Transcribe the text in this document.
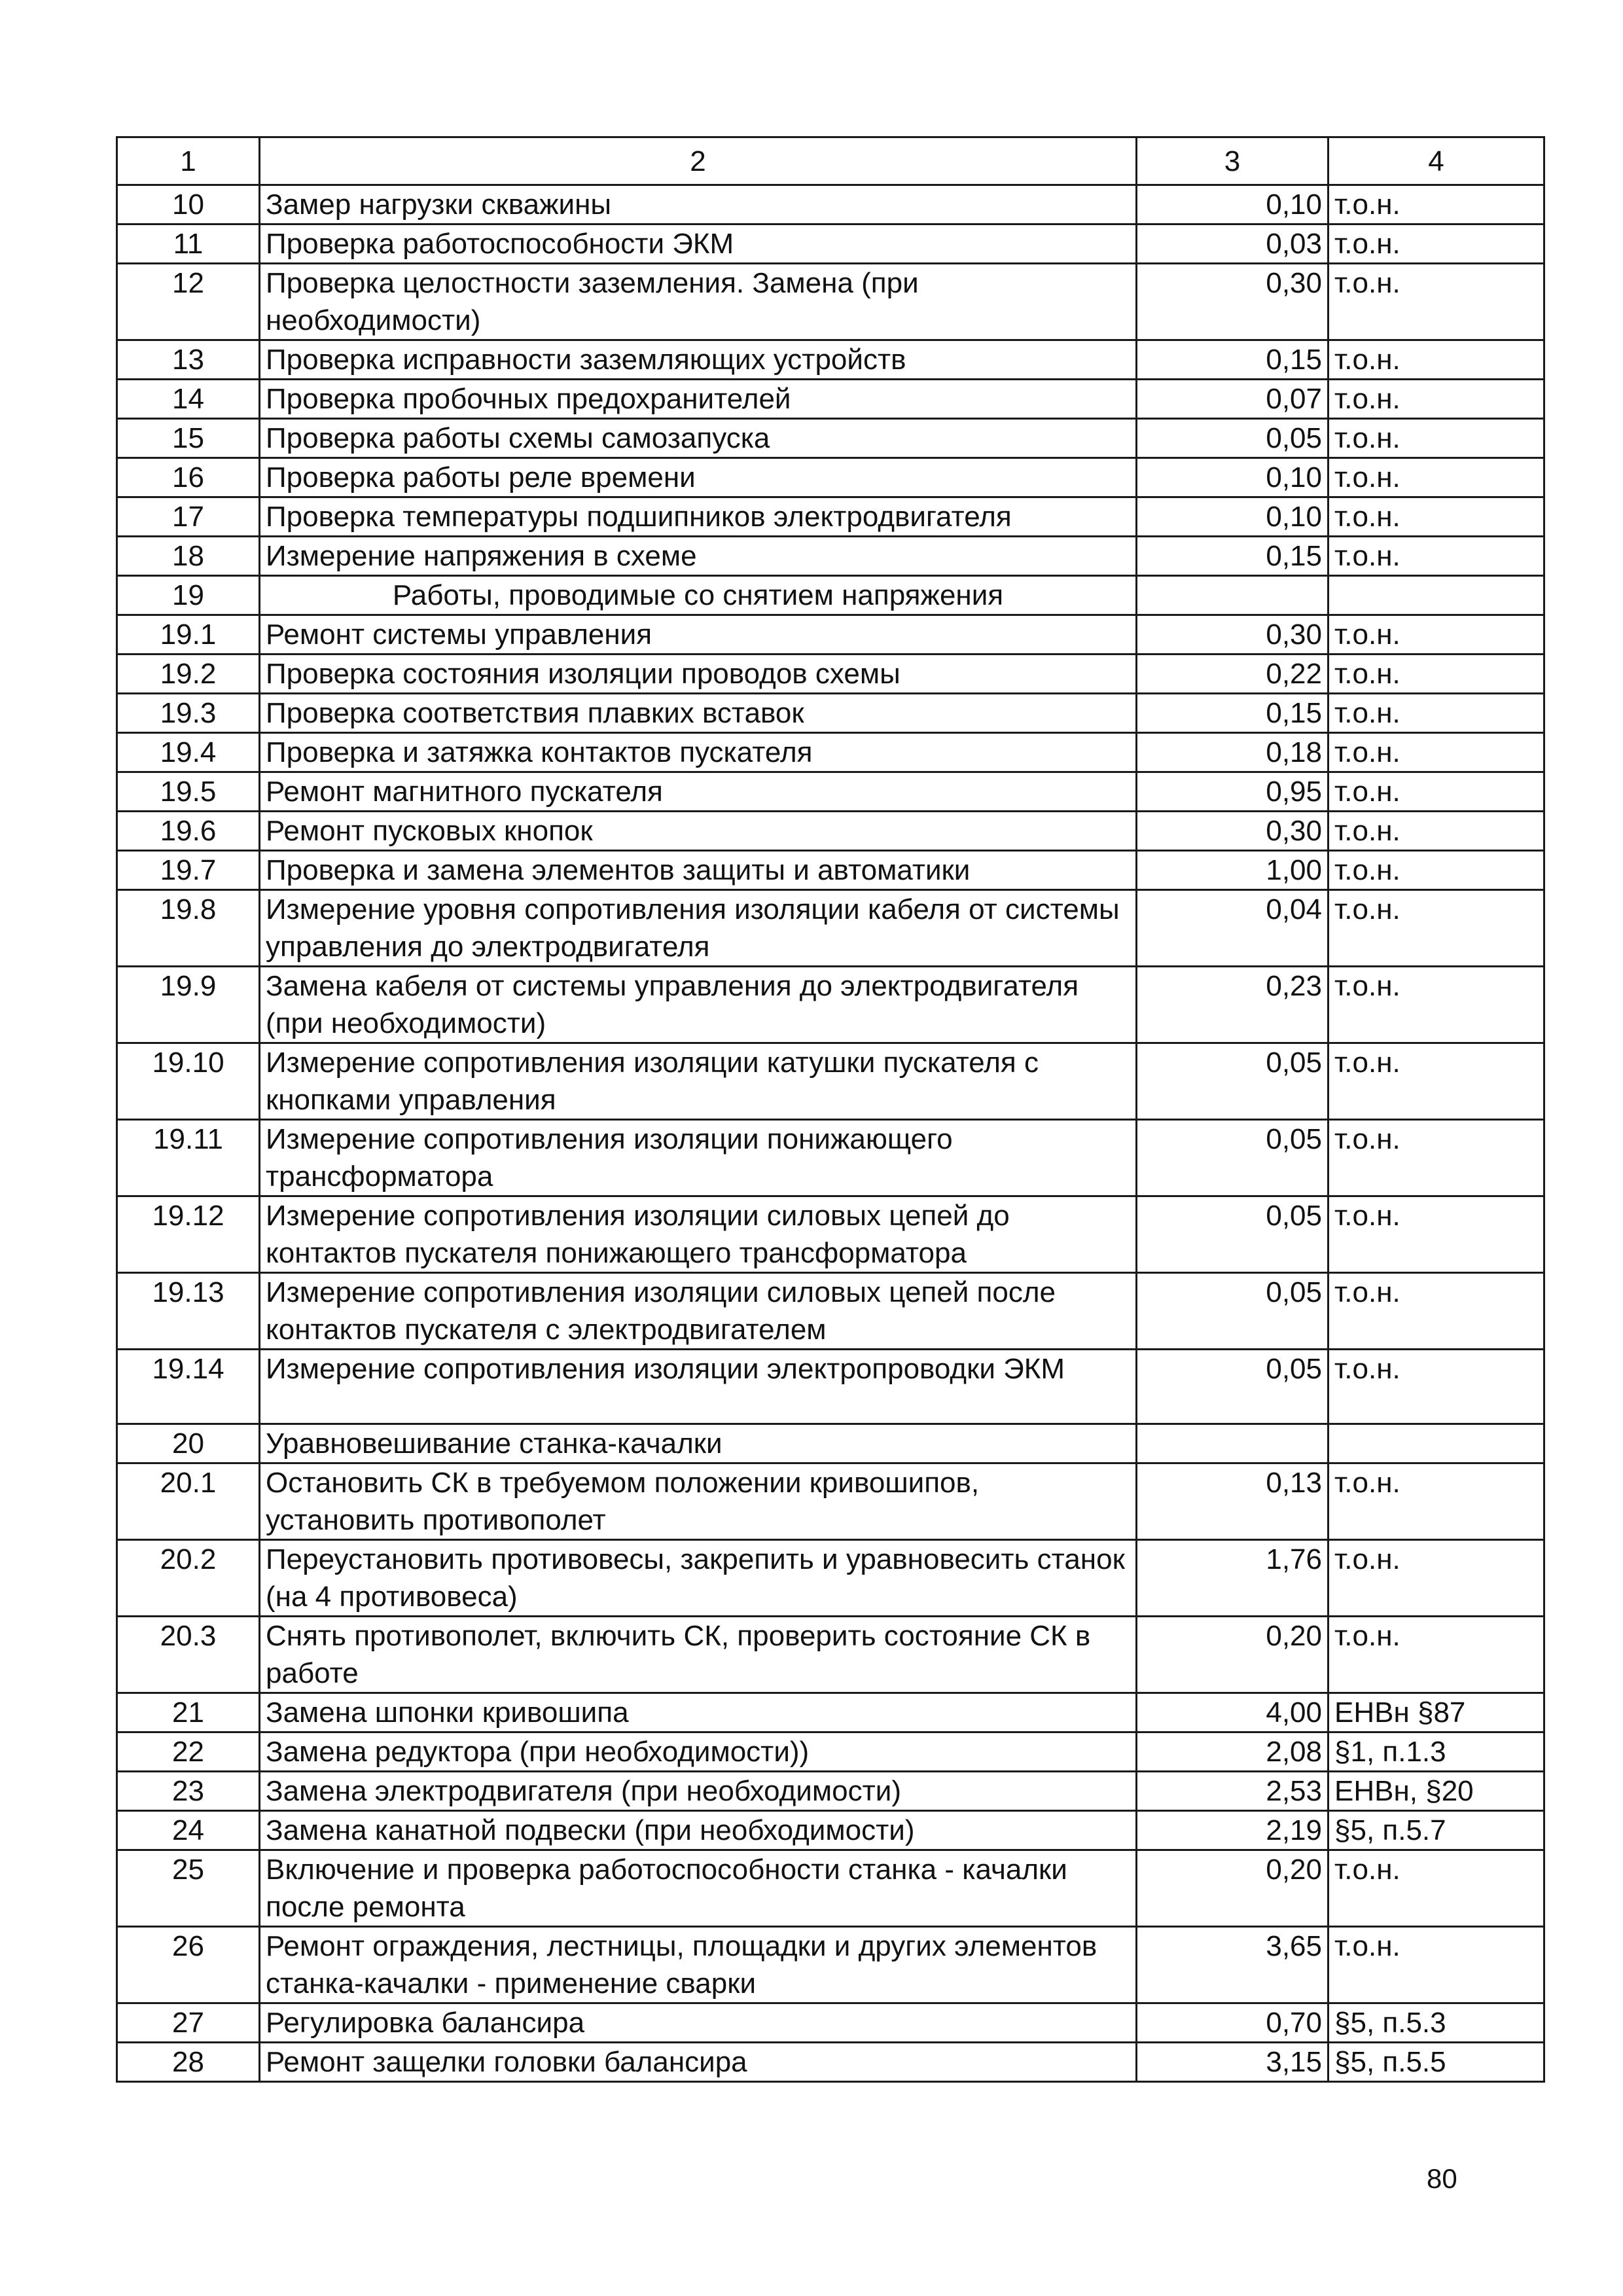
1	2	3	4
10	Замер нагрузки скважины	0,10	т.о.н.
11	Проверка работоспособности ЭКМ	0,03	т.о.н.
12	Проверка целостности заземления. Замена (при необходимости)	0,30	т.о.н.
13	Проверка исправности заземляющих устройств	0,15	т.о.н.
14	Проверка пробочных предохранителей	0,07	т.о.н.
15	Проверка работы схемы самозапуска	0,05	т.о.н.
16	Проверка работы реле времени	0,10	т.о.н.
17	Проверка температуры подшипников электродвигателя	0,10	т.о.н.
18	Измерение напряжения в схеме	0,15	т.о.н.
19	Работы, проводимые со снятием напряжения		
19.1	Ремонт системы управления	0,30	т.о.н.
19.2	Проверка состояния изоляции проводов схемы	0,22	т.о.н.
19.3	Проверка соответствия плавких вставок	0,15	т.о.н.
19.4	Проверка и затяжка контактов пускателя	0,18	т.о.н.
19.5	Ремонт магнитного пускателя	0,95	т.о.н.
19.6	Ремонт пусковых кнопок	0,30	т.о.н.
19.7	Проверка и замена элементов защиты и автоматики	1,00	т.о.н.
19.8	Измерение уровня сопротивления изоляции кабеля от системы управления до электродвигателя	0,04	т.о.н.
19.9	Замена кабеля от системы управления до электродвигателя (при необходимости)	0,23	т.о.н.
19.10	Измерение сопротивления изоляции катушки пускателя с кнопками управления	0,05	т.о.н.
19.11	Измерение сопротивления изоляции понижающего трансформатора	0,05	т.о.н.
19.12	Измерение сопротивления изоляции силовых цепей до контактов пускателя понижающего трансформатора	0,05	т.о.н.
19.13	Измерение сопротивления изоляции силовых цепей после контактов пускателя с электродвигателем	0,05	т.о.н.
19.14	Измерение сопротивления изоляции электропроводки ЭКМ	0,05	т.о.н.
20	Уравновешивание станка-качалки		
20.1	Остановить СК в требуемом положении кривошипов, установить противополет	0,13	т.о.н.
20.2	Переустановить противовесы, закрепить и уравновесить станок (на 4 противовеса)	1,76	т.о.н.
20.3	Снять противополет, включить СК, проверить состояние СК в работе	0,20	т.о.н.
21	Замена шпонки кривошипа	4,00	ЕНВн §87
22	Замена редуктора (при необходимости))	2,08	§1, п.1.3
23	Замена электродвигателя (при необходимости)	2,53	ЕНВн, §20
24	Замена канатной подвески (при необходимости)	2,19	§5, п.5.7
25	Включение и проверка работоспособности станка - качалки после ремонта	0,20	т.о.н.
26	Ремонт ограждения, лестницы, площадки и других элементов станка-качалки - применение сварки	3,65	т.о.н.
27	Регулировка балансира	0,70	§5, п.5.3
28	Ремонт защелки головки балансира	3,15	§5, п.5.5
80
